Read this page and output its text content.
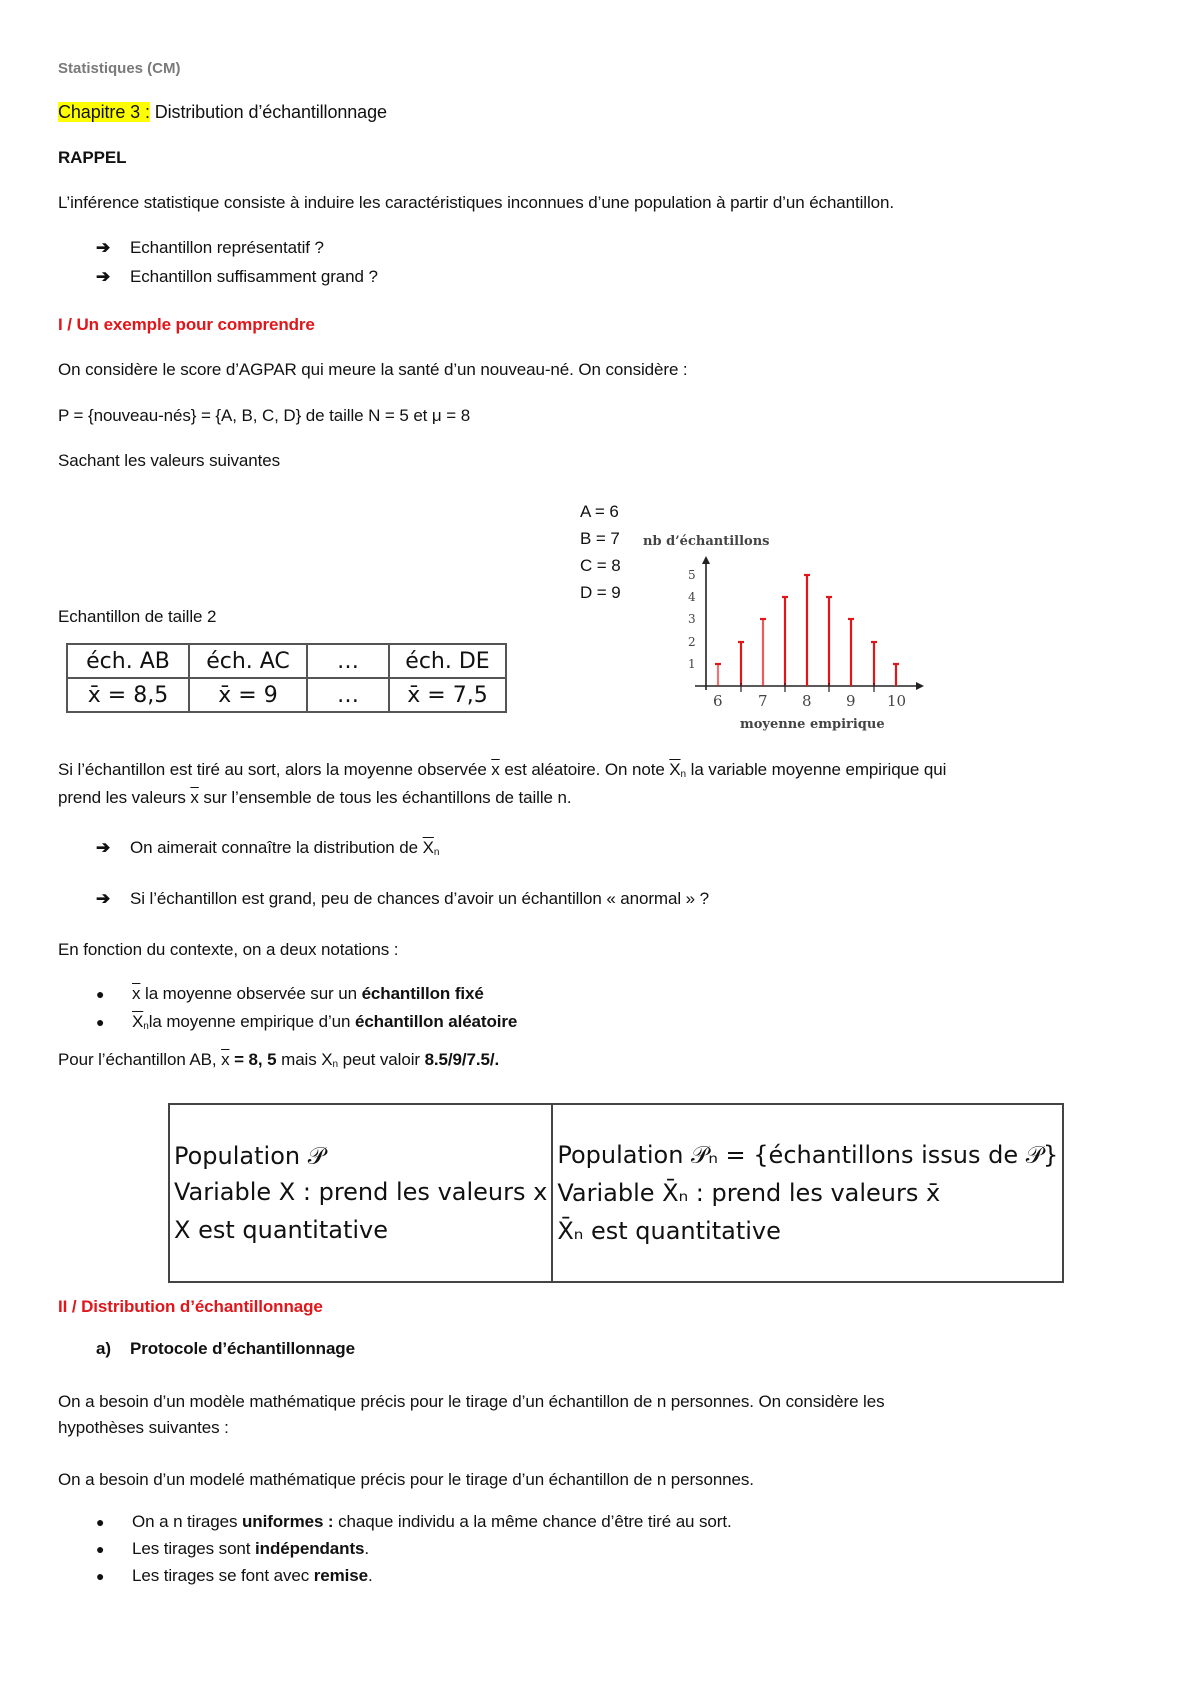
Statistiques (CM)
Chapitre 3 : Distribution d’échantillonnage
RAPPEL
L’inférence statistique consiste à induire les caractéristiques inconnues d’une population à partir d’un échantillon.
➔ Echantillon représentatif ?
➔ Echantillon suffisamment grand ?
I / Un exemple pour comprendre
On considère le score d’AGPAR qui meure la santé d’un nouveau-né. On considère :
P = {nouveau-nés} = {A, B, C, D} de taille N = 5 et μ = 8
Sachant les valeurs suivantes
A = 6
B = 7
C = 8
D = 9
nb d’échantillons
1
2
3
4
5
6 7 8 9 10
moyenne empirique
Echantillon de taille 2
éch. AB	éch. AC	…	éch. DE
x̄ = 8,5	x̄ = 9	…	x̄ = 7,5
Si l’échantillon est tiré au sort, alors la moyenne observée $\overline{x}$ est aléatoire. On note $\overline{X}_n$ la variable moyenne empirique qui
prend les valeurs $\overline{x}$ sur l’ensemble de tous les échantillons de taille n.
➔ On aimerait connaître la distribution de $\overline{X}_n$
➔ Si l’échantillon est grand, peu de chances d’avoir un échantillon « anormal » ?
En fonction du contexte, on a deux notations :
● $\overline{x}$ la moyenne observée sur un échantillon fixé
● $\overline{X}_nla$ moyenne empirique d’un échantillon aléatoire
Pour l’échantillon AB, $\overline{x} = 8$, 5 mais $X_n$ peut valoir 8.5/9/7.5/.
Population 𝒫
Variable X : prend les valeurs x
X est quantitative

Population 𝒫ₙ = {échantillons issus de 𝒫}
Variable X̄ₙ : prend les valeurs x̄
X̄ₙ est quantitative
II / Distribution d’échantillonnage
a) Protocole d’échantillonnage
On a besoin d’un modèle mathématique précis pour le tirage d’un échantillon de n personnes. On considère les
hypothèses suivantes :
On a besoin d’un modelé mathématique précis pour le tirage d’un échantillon de n personnes.
● On a n tirages uniformes : chaque individu a la même chance d’être tiré au sort.
● Les tirages sont indépendants.
● Les tirages se font avec remise.
